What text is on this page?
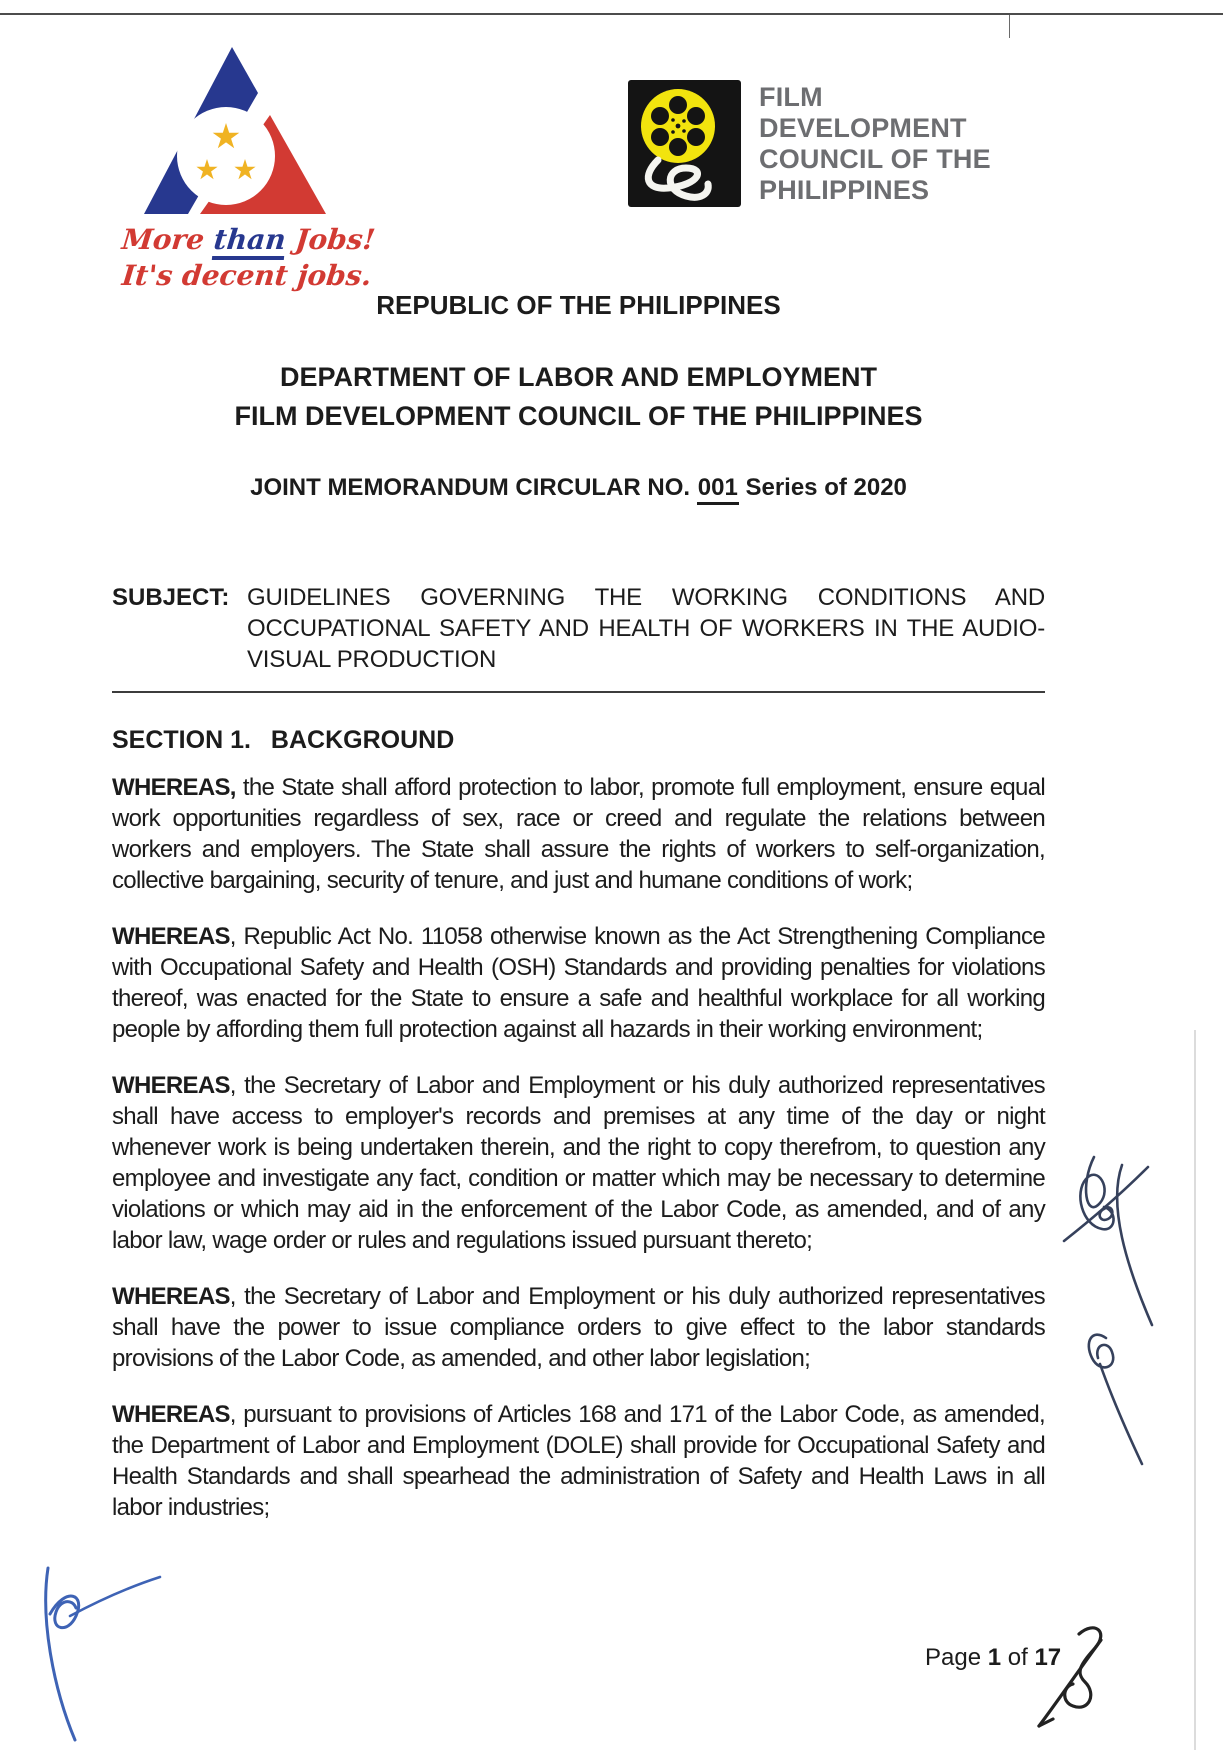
More than Jobs!
It's decent jobs.
FILM
DEVELOPMENT
COUNCIL OF THE
PHILIPPINES
REPUBLIC OF THE PHILIPPINES
DEPARTMENT OF LABOR AND EMPLOYMENT
FILM DEVELOPMENT COUNCIL OF THE PHILIPPINES
JOINT MEMORANDUM CIRCULAR NO. 001 Series of 2020
SUBJECT: GUIDELINES GOVERNING THE WORKING CONDITIONS AND OCCUPATIONAL SAFETY AND HEALTH OF WORKERS IN THE AUDIO-VISUAL PRODUCTION
SECTION 1. BACKGROUND

WHEREAS, the State shall afford protection to labor, promote full employment, ensure equal work opportunities regardless of sex, race or creed and regulate the relations between workers and employers. The State shall assure the rights of workers to self-organization, collective bargaining, security of tenure, and just and humane conditions of work;

WHEREAS, Republic Act No. 11058 otherwise known as the Act Strengthening Compliance with Occupational Safety and Health (OSH) Standards and providing penalties for violations thereof, was enacted for the State to ensure a safe and healthful workplace for all working people by affording them full protection against all hazards in their working environment;

WHEREAS, the Secretary of Labor and Employment or his duly authorized representatives shall have access to employer's records and premises at any time of the day or night whenever work is being undertaken therein, and the right to copy therefrom, to question any employee and investigate any fact, condition or matter which may be necessary to determine violations or which may aid in the enforcement of the Labor Code, as amended, and of any labor law, wage order or rules and regulations issued pursuant thereto;

WHEREAS, the Secretary of Labor and Employment or his duly authorized representatives shall have the power to issue compliance orders to give effect to the labor standards provisions of the Labor Code, as amended, and other labor legislation;

WHEREAS, pursuant to provisions of Articles 168 and 171 of the Labor Code, as amended, the Department of Labor and Employment (DOLE) shall provide for Occupational Safety and Health Standards and shall spearhead the administration of Safety and Health Laws in all labor industries;

Page 1 of 17
